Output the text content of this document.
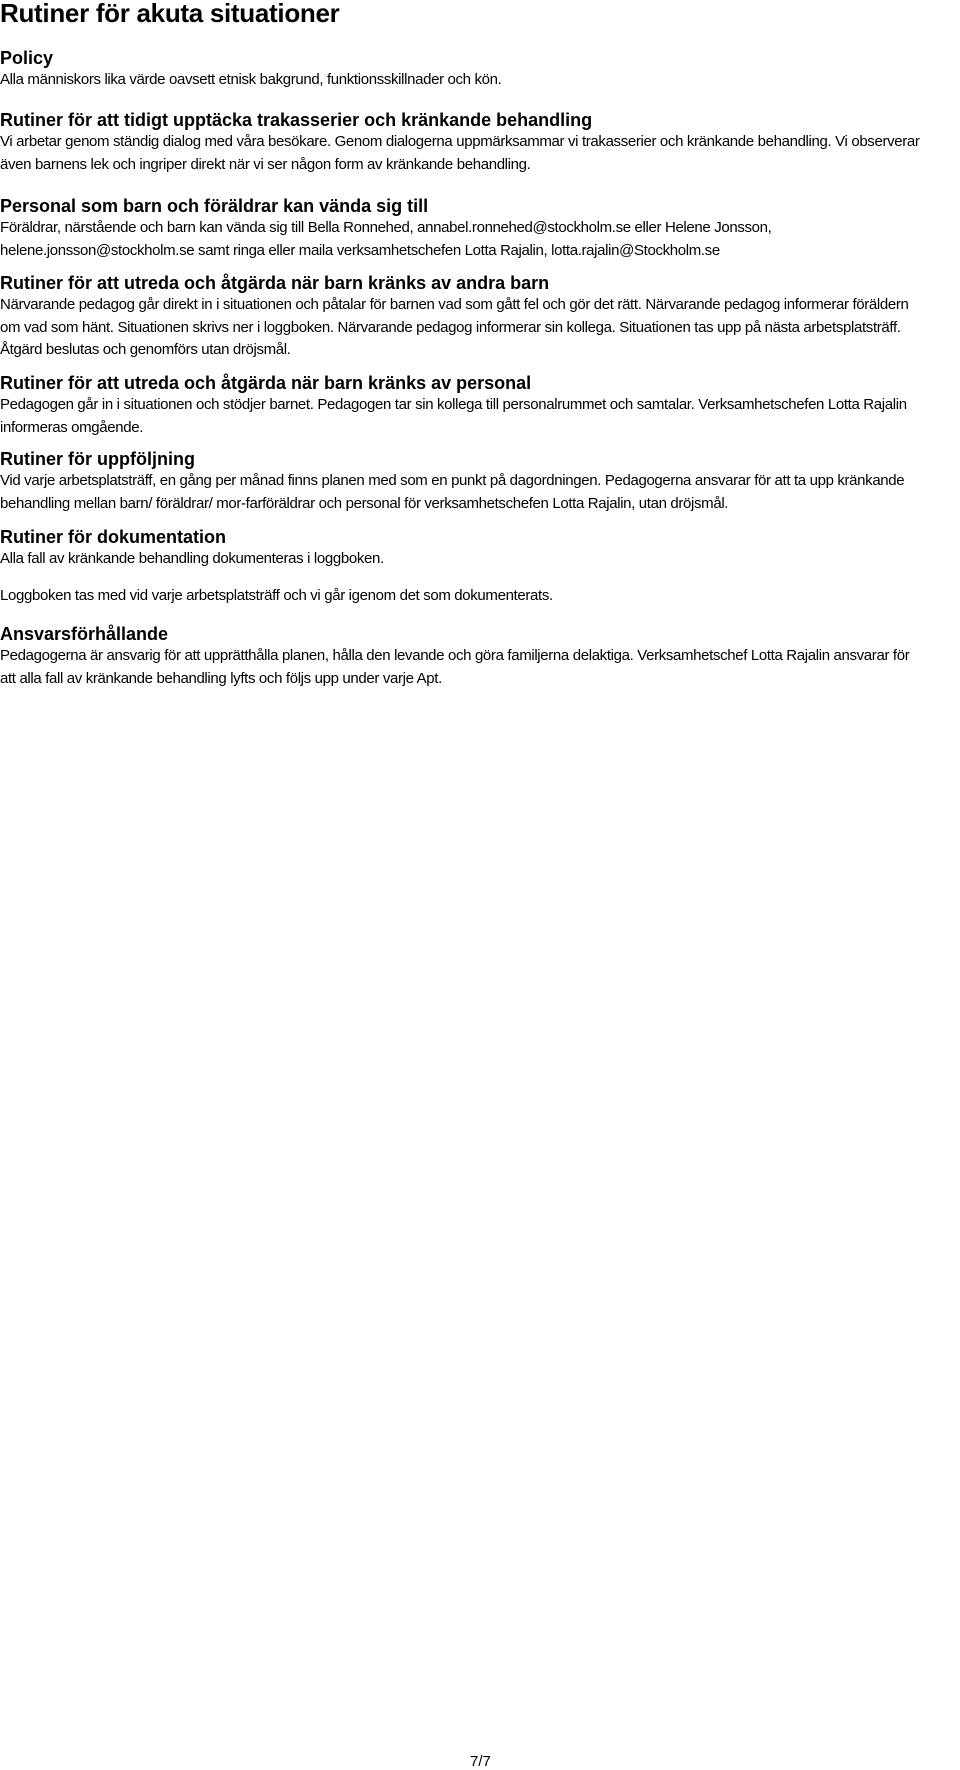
Rutiner för akuta situationer
Policy

Alla människors lika värde oavsett etnisk bakgrund, funktionsskillnader och kön.

Rutiner för att tidigt upptäcka trakasserier och kränkande behandling

Vi arbetar genom ständig dialog med våra besökare. Genom dialogerna uppmärksammar vi trakasserier och kränkande behandling. Vi observerar även barnens lek och ingriper direkt när vi ser någon form av kränkande behandling.

Personal som barn och föräldrar kan vända sig till

Föräldrar, närstående och barn kan vända sig till Bella Ronnehed, annabel.ronnehed@stockholm.se eller Helene Jonsson, helene.jonsson@stockholm.se samt ringa eller maila verksamhetschefen Lotta Rajalin, lotta.rajalin@Stockholm.se

Rutiner för att utreda och åtgärda när barn kränks av andra barn

Närvarande pedagog går direkt in i situationen och påtalar för barnen vad som gått fel och gör det rätt. Närvarande pedagog informerar föräldern om vad som hänt. Situationen skrivs ner i loggboken. Närvarande pedagog informerar sin kollega. Situationen tas upp på nästa arbetsplatsträff. Åtgärd beslutas och genomförs utan dröjsmål.

Rutiner för att utreda och åtgärda när barn kränks av personal

Pedagogen går in i situationen och stödjer barnet. Pedagogen tar sin kollega till personalrummet och samtalar. Verksamhetschefen Lotta Rajalin informeras omgående.

Rutiner för uppföljning

Vid varje arbetsplatsträff, en gång per månad finns planen med som en punkt på dagordningen. Pedagogerna ansvarar för att ta upp kränkande behandling mellan barn/ föräldrar/ mor-farföräldrar och personal för verksamhetschefen Lotta Rajalin, utan dröjsmål.

Rutiner för dokumentation

Alla fall av kränkande behandling dokumenteras i loggboken.

Loggboken tas med vid varje arbetsplatsträff och vi går igenom det som dokumenterats.

Ansvarsförhållande

Pedagogerna är ansvarig för att upprätthålla planen, hålla den levande och göra familjerna delaktiga. Verksamhetschef Lotta Rajalin ansvarar för att alla fall av kränkande behandling lyfts och följs upp under varje Apt.

7/7
